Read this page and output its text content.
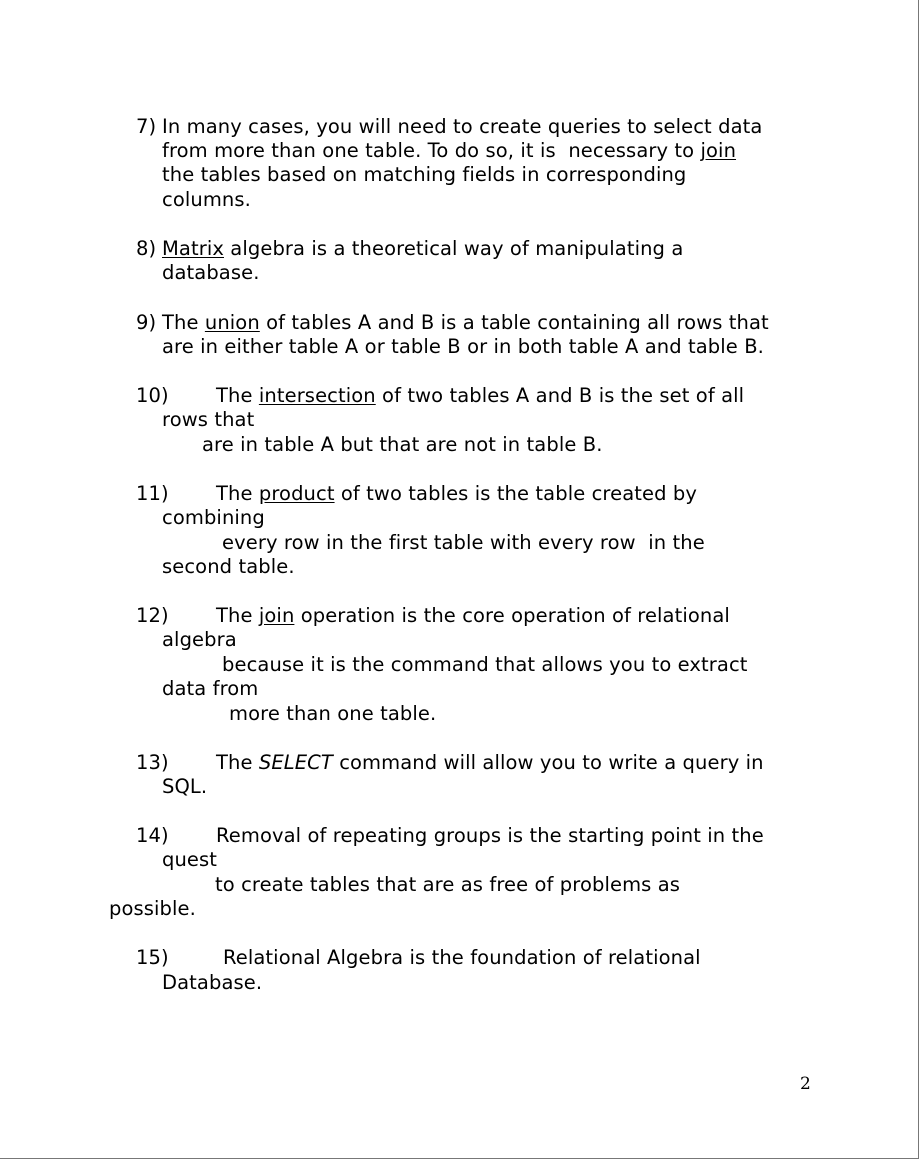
7) In many cases, you will need to create queries to select data
from more than one table. To do so, it is  necessary to join
the tables based on matching fields in corresponding
columns.
8) Matrix algebra is a theoretical way of manipulating a
database.
9) The union of tables A and B is a table containing all rows that
are in either table A or table B or in both table A and table B.
10) The intersection of two tables A and B is the set of all
rows that
are in table A but that are not in table B.
11) The product of two tables is the table created by
combining
every row in the first table with every row  in the
second table.
12) The join operation is the core operation of relational
algebra
because it is the command that allows you to extract
data from
more than one table.
13) The SELECT command will allow you to write a query in
SQL.
14) Removal of repeating groups is the starting point in the
quest
to create tables that are as free of problems as
possible.
15)	Relational Algebra is the foundation of relational
Database.
2
